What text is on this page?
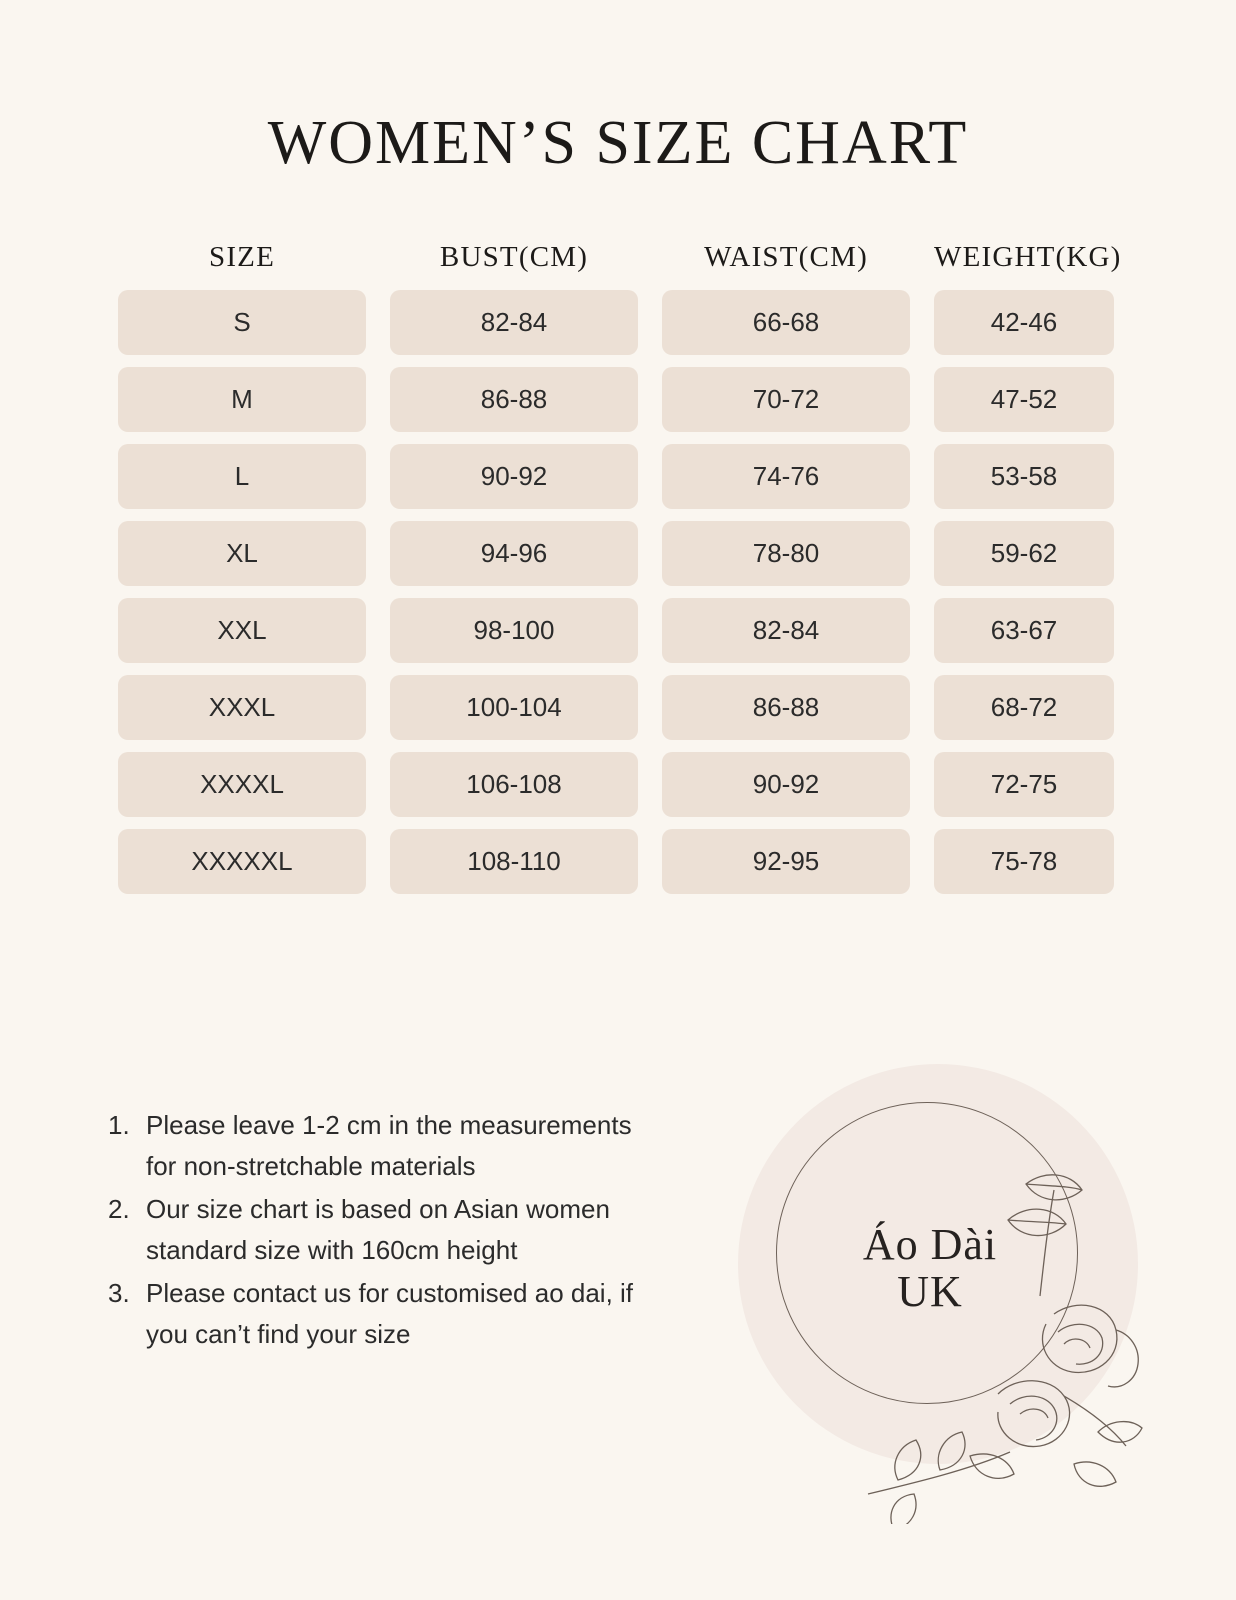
WOMEN’S SIZE CHART
SIZE	BUST(CM)	WAIST(CM)	WEIGHT(KG)
S	82-84	66-68	42-46
M	86-88	70-72	47-52
L	90-92	74-76	53-58
XL	94-96	78-80	59-62
XXL	98-100	82-84	63-67
XXXL	100-104	86-88	68-72
XXXXL	106-108	90-92	72-75
XXXXXL	108-110	92-95	75-78
1. Please leave 1-2 cm in the measurements for non-stretchable materials
2. Our size chart is based on Asian women standard size with 160cm height
3. Please contact us for customised ao dai, if you can’t find your size
Áo Dài
UK
